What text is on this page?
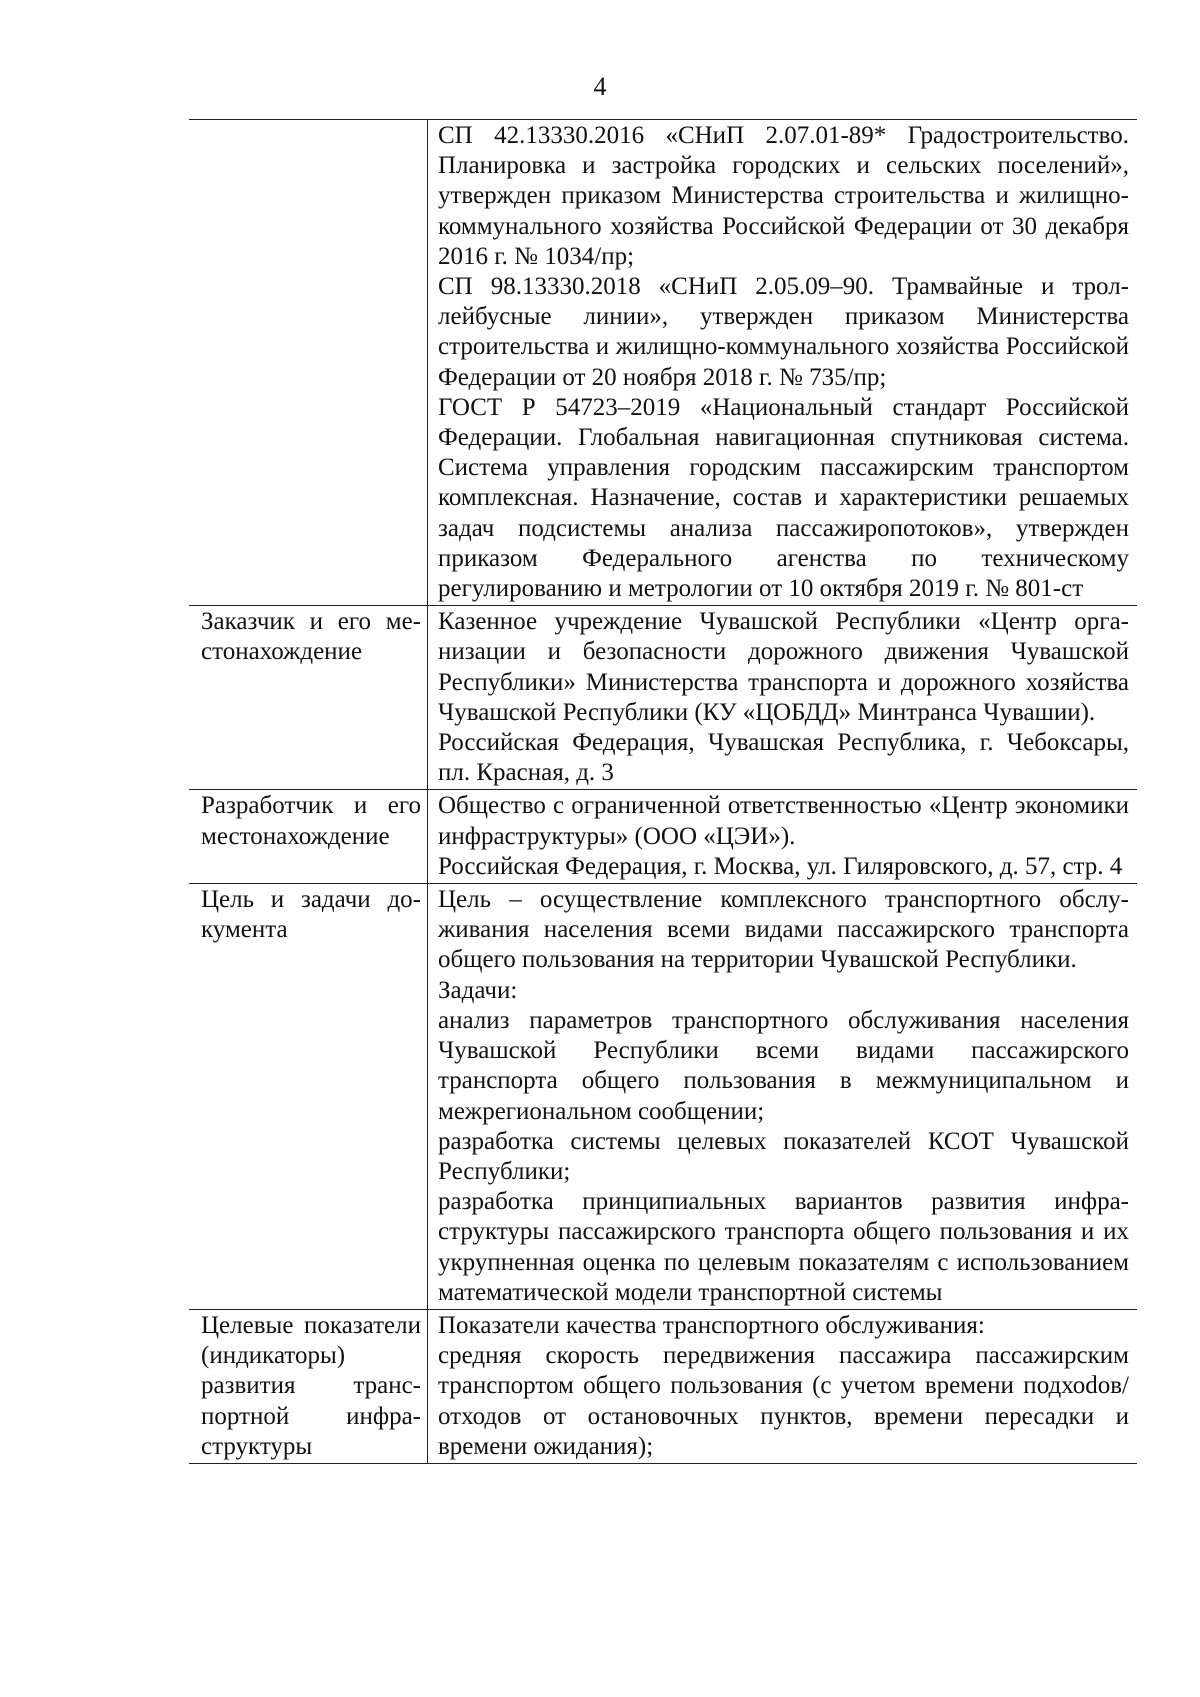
4

	СП 42.13330.2016 «СНиП 2.07.01-89* Градостроительство. Планировка и застройка городских и сельских поселений», утвержден приказом Министерства строительства и жилищно-коммунального хозяйства Российской Федерации от 30 декабря 2016 г. № 1034/пр;

СП 98.13330.2018 «СНиП 2.05.09–90. Трамвайные и троллейбусные линии», утвержден приказом Министерства строительства и жилищно-коммунального хозяйства Российской Федерации от 20 ноября 2018 г. № 735/пр;

ГОСТ Р 54723–2019 «Национальный стандарт Российской Федерации. Глобальная навигационная спутниковая система. Система управления городским пассажирским транспортом комплексная. Назначение, состав и характеристики решаемых задач подсистемы анализа пассажиропотоков», утвержден приказом Федерального агенства по техническому регулированию и метрологии от 10 октября 2019 г. № 801-ст

Заказчик и его местонахождение	Казенное учреждение Чувашской Республики «Центр организации и безопасности дорожного движения Чувашской Республики» Министерства транспорта и дорожного хозяйства Чувашской Республики (КУ «ЦОБДД» Минтранса Чувашии).

Российская Федерация, Чувашская Республика, г. Чебоксары, пл. Красная, д. 3

Разработчик и его местонахождение	Общество с ограниченной ответственностью «Центр экономики инфраструктуры» (ООО «ЦЭИ»).

Российская Федерация, г. Москва, ул. Гиляровского, д. 57, стр. 4

Цель и задачи документа	Цель – осуществление комплексного транспортного обслуживания населения всеми видами пассажирского транспорта общего пользования на территории Чувашской Республики.

Задачи:

анализ параметров транспортного обслуживания населения Чувашской Республики всеми видами пассажирского транспорта общего пользования в межмуниципальном и межрегиональном сообщении;

разработка системы целевых показателей КСОТ Чувашской Республики;

разработка принципиальных вариантов развития инфраструктуры пассажирского транспорта общего пользования и их укрупненная оценка по целевым показателям с использованием математической модели транспортной системы

Целевые показатели (индикаторы) развития транспортной инфраструктуры	Показатели качества транспортного обслуживания:

средняя скорость передвижения пассажира пассажирским транспортом общего пользования (с учетом времени подхоdов/отходов от остановочных пунктов, времени пересадки и времени ожидания);
